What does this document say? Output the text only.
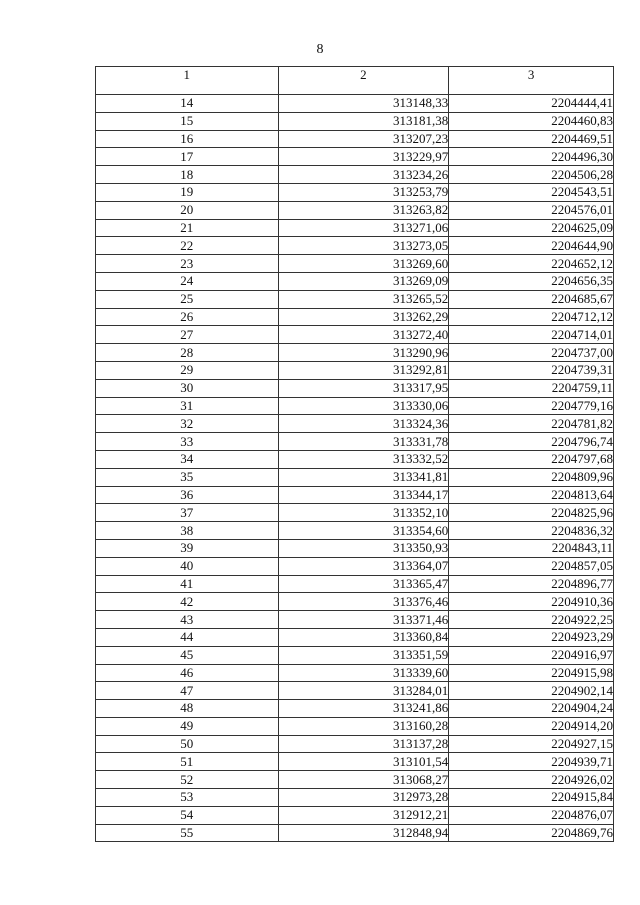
8
1	2	3
14	313148,33	2204444,41
15	313181,38	2204460,83
16	313207,23	2204469,51
17	313229,97	2204496,30
18	313234,26	2204506,28
19	313253,79	2204543,51
20	313263,82	2204576,01
21	313271,06	2204625,09
22	313273,05	2204644,90
23	313269,60	2204652,12
24	313269,09	2204656,35
25	313265,52	2204685,67
26	313262,29	2204712,12
27	313272,40	2204714,01
28	313290,96	2204737,00
29	313292,81	2204739,31
30	313317,95	2204759,11
31	313330,06	2204779,16
32	313324,36	2204781,82
33	313331,78	2204796,74
34	313332,52	2204797,68
35	313341,81	2204809,96
36	313344,17	2204813,64
37	313352,10	2204825,96
38	313354,60	2204836,32
39	313350,93	2204843,11
40	313364,07	2204857,05
41	313365,47	2204896,77
42	313376,46	2204910,36
43	313371,46	2204922,25
44	313360,84	2204923,29
45	313351,59	2204916,97
46	313339,60	2204915,98
47	313284,01	2204902,14
48	313241,86	2204904,24
49	313160,28	2204914,20
50	313137,28	2204927,15
51	313101,54	2204939,71
52	313068,27	2204926,02
53	312973,28	2204915,84
54	312912,21	2204876,07
55	312848,94	2204869,76
